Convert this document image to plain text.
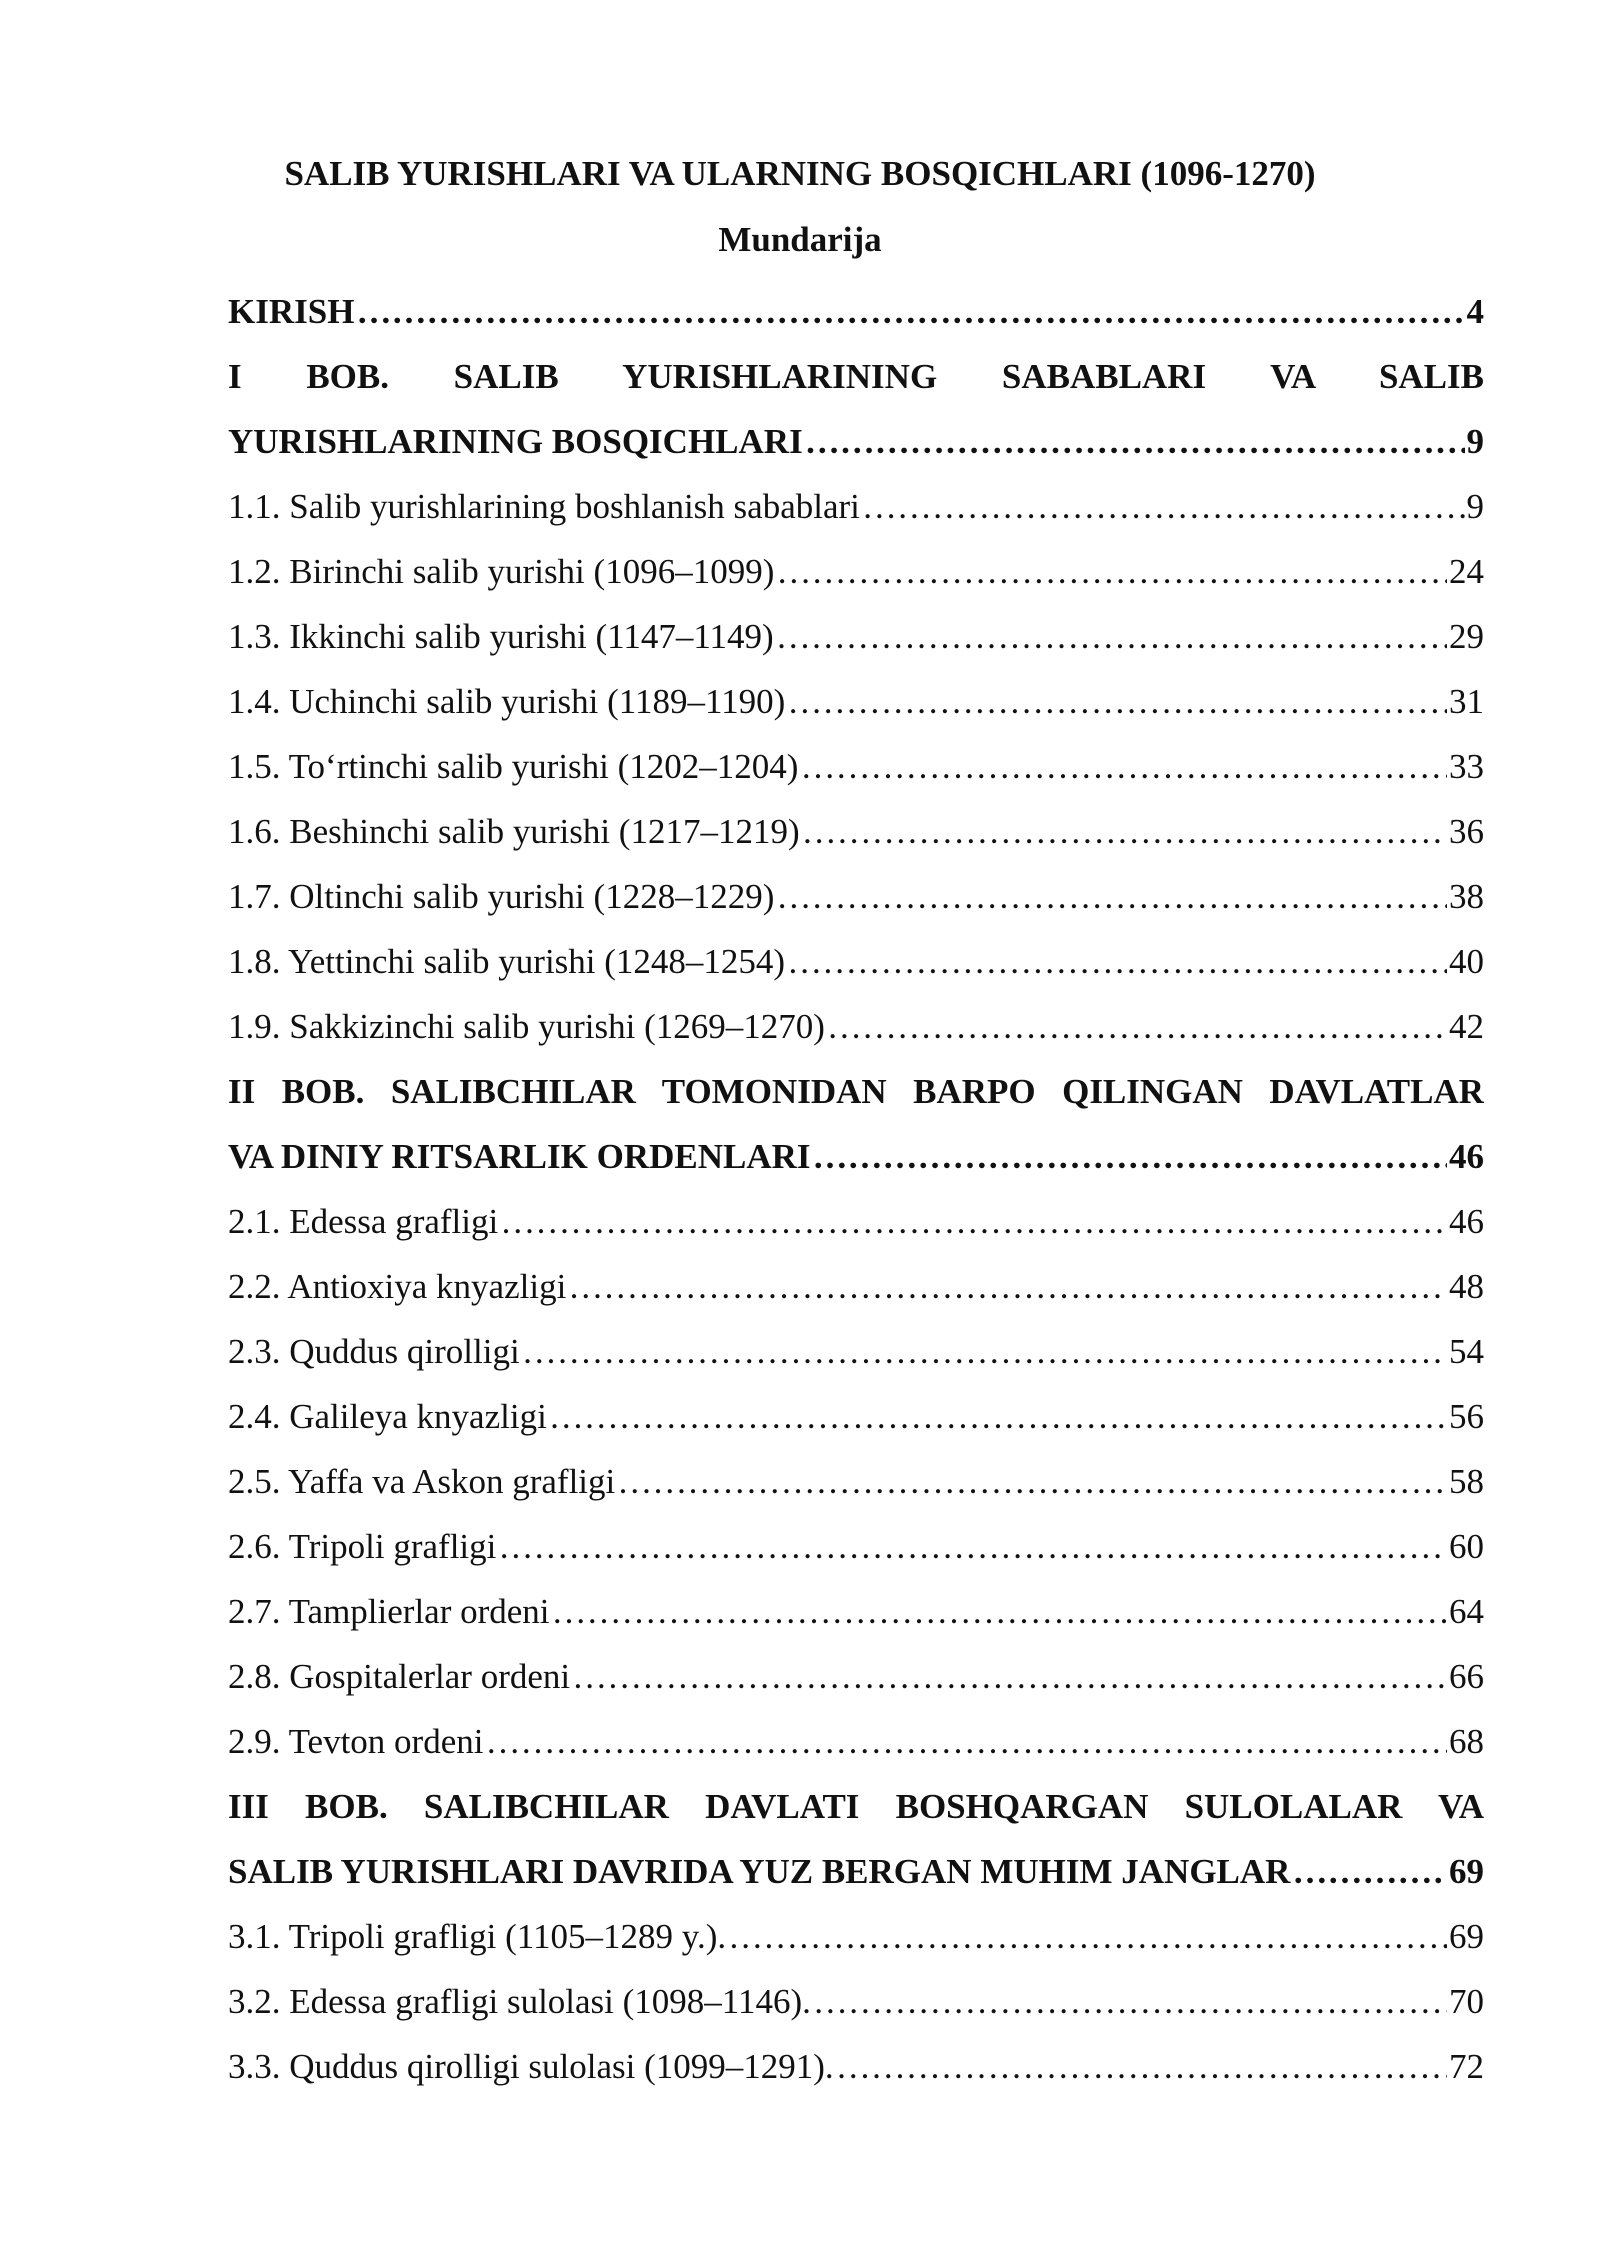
SALIB YURISHLARI VA ULARNING BOSQICHLARI (1096-1270)
Mundarija
KIRISH ……………………………………………………………………………………………………………………………………………………………………………………………………	4
I BOB. SALIB YURISHLARINING SABABLARI VA SALIB
YURISHLARINING BOSQICHLARI ……………………………………………………………………………………………………………………………………………………………………………………………………	9
1.1. Salib yurishlarining boshlanish sabablari ……………………………………………………………………………………………………………………………………………………………………………………………………	9
1.2. Birinchi salib yurishi (1096–1099) ……………………………………………………………………………………………………………………………………………………………………………………………………	24
1.3. Ikkinchi salib yurishi (1147–1149) ……………………………………………………………………………………………………………………………………………………………………………………………………	29
1.4. Uchinchi salib yurishi (1189–1190) ……………………………………………………………………………………………………………………………………………………………………………………………………	31
1.5. To‘rtinchi salib yurishi (1202–1204) ……………………………………………………………………………………………………………………………………………………………………………………………………	33
1.6. Beshinchi salib yurishi (1217–1219) ……………………………………………………………………………………………………………………………………………………………………………………………………	36
1.7. Oltinchi salib yurishi (1228–1229) ……………………………………………………………………………………………………………………………………………………………………………………………………	38
1.8. Yettinchi salib yurishi (1248–1254) ……………………………………………………………………………………………………………………………………………………………………………………………………	40
1.9. Sakkizinchi salib yurishi (1269–1270) ……………………………………………………………………………………………………………………………………………………………………………………………………	42
II BOB. SALIBCHILAR TOMONIDAN BARPO QILINGAN DAVLATLAR
VA DINIY RITSARLIK ORDENLARI ……………………………………………………………………………………………………………………………………………………………………………………………………	46
2.1. Edessa grafligi ……………………………………………………………………………………………………………………………………………………………………………………………………	46
2.2. Antioxiya knyazligi ……………………………………………………………………………………………………………………………………………………………………………………………………	48
2.3. Quddus qirolligi ……………………………………………………………………………………………………………………………………………………………………………………………………	54
2.4. Galileya knyazligi ……………………………………………………………………………………………………………………………………………………………………………………………………	56
2.5. Yaffa va Askon grafligi ……………………………………………………………………………………………………………………………………………………………………………………………………	58
2.6. Tripoli grafligi ……………………………………………………………………………………………………………………………………………………………………………………………………	60
2.7. Tamplierlar ordeni ……………………………………………………………………………………………………………………………………………………………………………………………………	64
2.8. Gospitalerlar ordeni ……………………………………………………………………………………………………………………………………………………………………………………………………	66
2.9. Tevton ordeni ……………………………………………………………………………………………………………………………………………………………………………………………………	68
III BOB. SALIBCHILAR DAVLATI BOSHQARGAN SULOLALAR VA
SALIB YURISHLARI DAVRIDA YUZ BERGAN MUHIM JANGLAR ……………………………………………………………………………………………………………………………………………………………………………………………………	69
3.1. Tripoli grafligi (1105–1289 y.). ……………………………………………………………………………………………………………………………………………………………………………………………………	69
3.2. Edessa grafligi sulolasi (1098–1146). ……………………………………………………………………………………………………………………………………………………………………………………………………	70
3.3. Quddus qirolligi sulolasi (1099–1291). ……………………………………………………………………………………………………………………………………………………………………………………………………	72
